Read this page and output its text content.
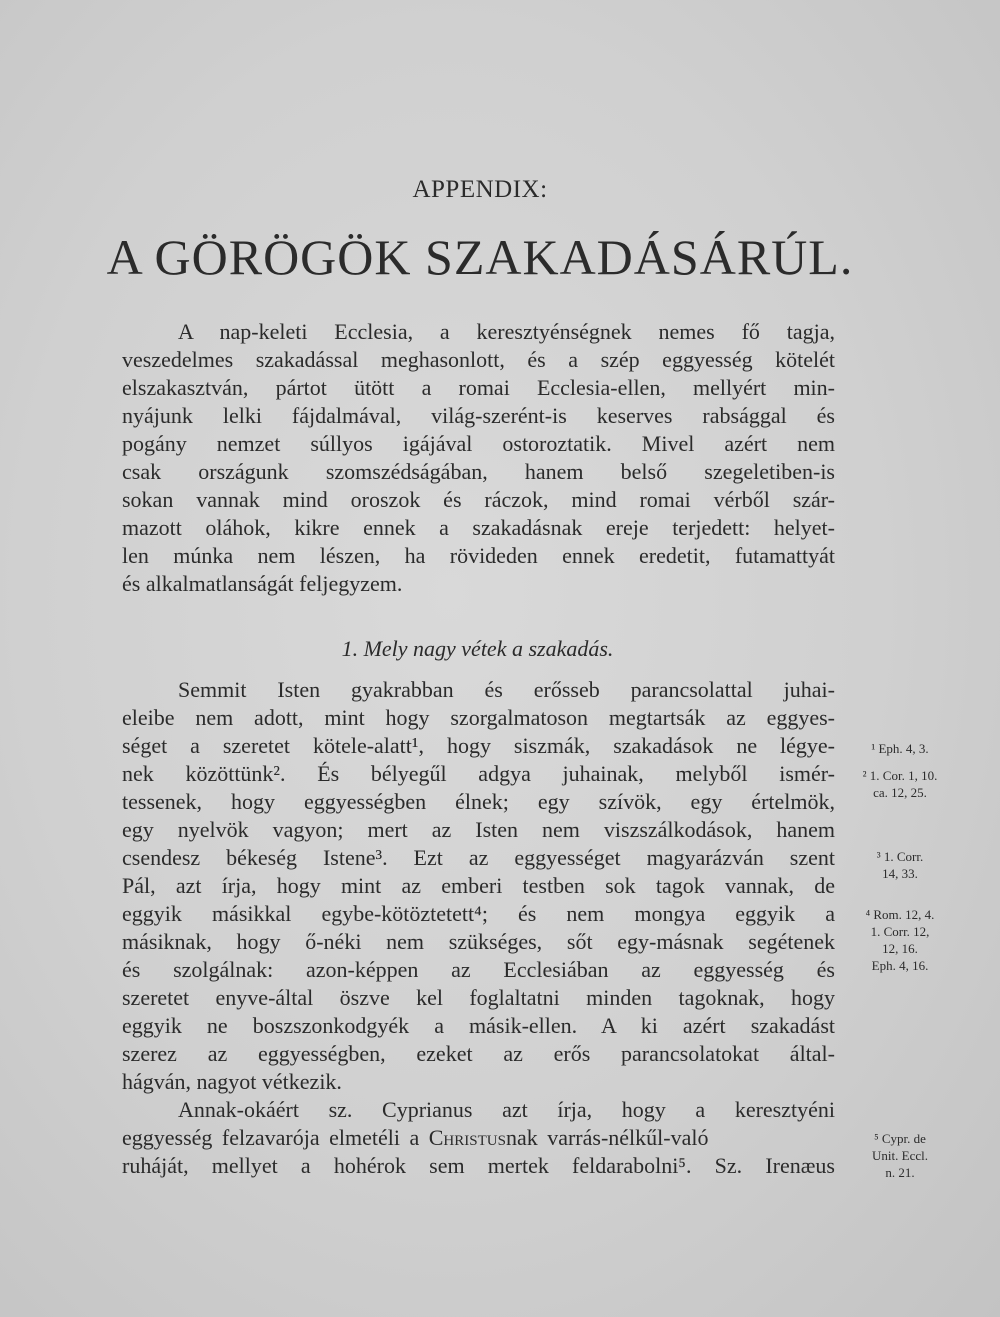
APPENDIX:
A GÖRÖGÖK SZAKADÁSÁRÚL.
A nap-keleti Ecclesia, a keresztyénségnek nemes fő tagja,
veszedelmes szakadással meghasonlott, és a szép eggyesség kötelét
elszakasztván, pártot ütött a romai Ecclesia-ellen, mellyért min-
nyájunk lelki fájdalmával, világ-szerént-is keserves rabsággal és
pogány nemzet súllyos igájával ostoroztatik. Mivel azért nem
csak országunk szomszédságában, hanem belső szegeletiben-is
sokan vannak mind oroszok és ráczok, mind romai vérből szár-
mazott oláhok, kikre ennek a szakadásnak ereje terjedett: helyet-
len múnka nem lészen, ha rövideden ennek eredetit, futamattyát
és alkalmatlanságát feljegyzem.
1. Mely nagy vétek a szakadás.
Semmit Isten gyakrabban és erősseb parancsolattal juhai-
eleibe nem adott, mint hogy szorgalmatoson megtartsák az eggyes-
séget a szeretet kötele-alatt¹, hogy siszmák, szakadások ne légye-
nek közöttünk². És bélyegűl adgya juhainak, melyből ismér-
tessenek, hogy eggyességben élnek; egy szívök, egy értelmök,
egy nyelvök vagyon; mert az Isten nem viszszálkodások, hanem
csendesz békeség Istene³. Ezt az eggyességet magyarázván szent
Pál, azt írja, hogy mint az emberi testben sok tagok vannak, de
eggyik másikkal egybe-kötöztetett⁴; és nem mongya eggyik a
másiknak, hogy ő-néki nem szükséges, sőt egy-másnak segétenek
és szolgálnak: azon-képpen az Ecclesiában az eggyesség és
szeretet enyve-által öszve kel foglaltatni minden tagoknak, hogy
eggyik ne boszszonkodgyék a másik-ellen. A ki azért szakadást
szerez az eggyességben, ezeket az erős parancsolatokat által-
hágván, nagyot vétkezik.
Annak-okáért sz. Cyprianus azt írja, hogy a keresztyéni
eggyesség felzavarója elmetéli a Christusnak varrás-nélkűl-való
ruháját, mellyet a hohérok sem mertek feldarabolni⁵. Sz. Irenæus
¹ Eph. 4, 3.
² 1. Cor. 1, 10.
ca. 12, 25.
³ 1. Corr.
14, 33.
⁴ Rom. 12, 4.
1. Corr. 12,
12, 16.
Eph. 4, 16.
⁵ Cypr. de
Unit. Eccl.
n. 21.
